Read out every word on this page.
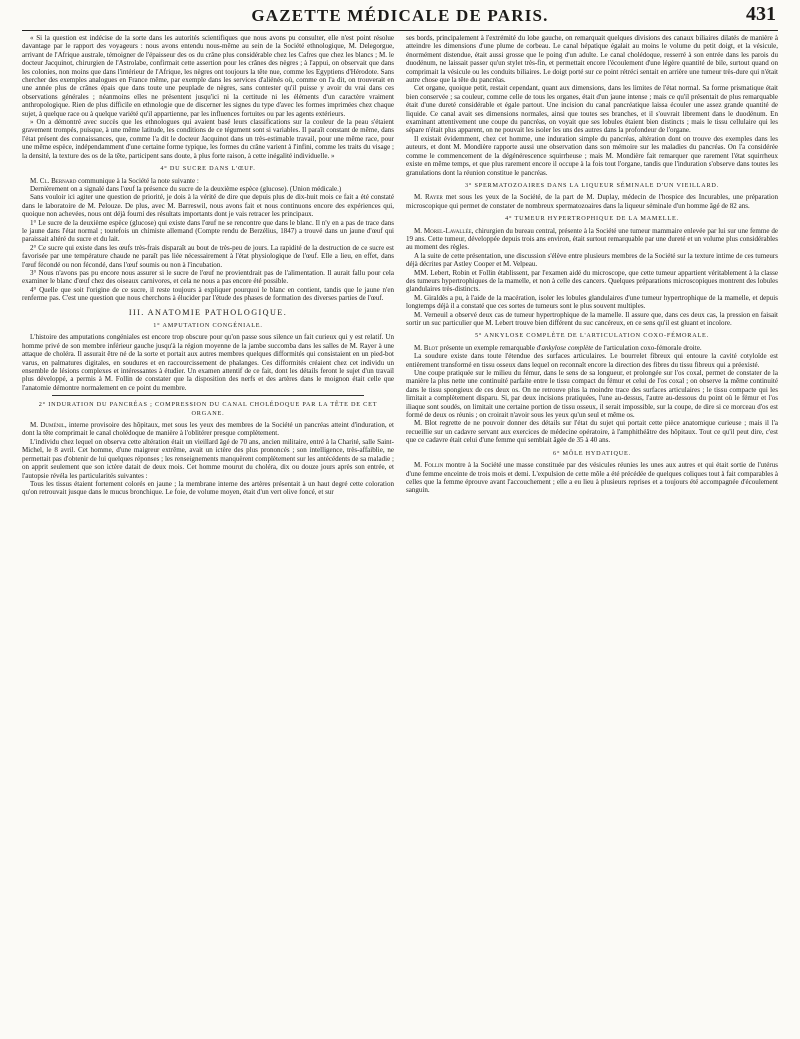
GAZETTE MÉDICALE DE PARIS.	431

« Si la question est indécise de la sorte dans les autorités scientifiques que nous avons pu consulter, elle n'est point résolue davantage par le rapport des voyageurs : nous avons entendu nous-même au sein de la Société ethnologique, M. Delegorgue, arrivant de l'Afrique australe, témoigner de l'épaisseur des os du crâne plus considérable chez les Cafres que chez les blancs ; M. le docteur Jacquinot, chirurgien de l'Astrolabe, confirmait cette assertion pour les crânes des nègres ; à l'appui, on observait que dans les colonies, non moins que dans l'intérieur de l'Afrique, les nègres ont toujours la tête nue, comme les Egyptiens d'Hérodote. Sans chercher des exemples analogues en France même, par exemple dans les services d'aliénés où, comme on l'a dit, on trouverait en une année plus de crânes épais que dans toute une peuplade de nègres, sans contester qu'il puisse y avoir du vrai dans ces observations générales ; néanmoins elles ne présentent jusqu'ici ni la certitude ni les éléments d'un caractère vraiment anthropologique. Rien de plus difficile en ethnologie que de discerner les signes du type d'avec les formes imprimées chez chaque sujet, à quelque race ou à quelque variété qu'il appartienne, par les influences fortuites ou par les agents extérieurs.

» On a démontré avec succès que les ethnologues qui avaient basé leurs classifications sur la couleur de la peau s'étaient gravement trompés, puisque, à une même latitude, les conditions de ce tégument sont si variables. Il paraît constant de même, dans l'état présent des connaissances, que, comme l'a dit le docteur Jacquinot dans un très-estimable travail, pour une même race, pour une même espèce, indépendamment d'une certaine forme typique, les formes du crâne varient à l'infini, comme les traits du visage ; la densité, la texture des os de la tête, participent sans doute, à plus forte raison, à cette inégalité individuelle. »

4° DU SUCRE DANS L'ŒUF.

M. Cl. Bernard communique à la Société la note suivante :

Dernièrement on a signalé dans l'œuf la présence du sucre de la deuxième espèce (glucose). (Union médicale.)

Sans vouloir ici agiter une question de priorité, je dois à la vérité de dire que depuis plus de dix-huit mois ce fait a été constaté dans le laboratoire de M. Pelouze. De plus, avec M. Barreswil, nous avons fait et nous continuons encore des expériences qui, quoique non achevées, nous ont déjà fourni des résultats importants dont je vais retracer les principaux.

1° Le sucre de la deuxième espèce (glucose) qui existe dans l'œuf ne se rencontre que dans le blanc. Il n'y en a pas de trace dans le jaune dans l'état normal ; toutefois un chimiste allemand (Compte rendu de Berzélius, 1847) a trouvé dans un jaune d'œuf qui paraissait altéré du sucre et du lait.

2° Ce sucre qui existe dans les œufs très-frais disparaît au bout de très-peu de jours. La rapidité de la destruction de ce sucre est favorisée par une température chaude ne paraît pas liée nécessairement à l'état physiologique de l'œuf. Elle a lieu, en effet, dans l'œuf fécondé ou non fécondé, dans l'œuf soumis ou non à l'incubation.

3° Nous n'avons pas pu encore nous assurer si le sucre de l'œuf ne provientdrait pas de l'alimentation. Il aurait fallu pour cela examiner le blanc d'œuf chez des oiseaux carnivores, et cela ne nous a pas encore été possible.

4° Quelle que soit l'origine de ce sucre, il reste toujours à expliquer pourquoi le blanc en contient, tandis que le jaune n'en renferme pas. C'est une question que nous cherchons à élucider par l'étude des phases de formation des diverses parties de l'œuf.

III. ANATOMIE PATHOLOGIQUE.
1° AMPUTATION CONGÉNIALE.

L'histoire des amputations congéniales est encore trop obscure pour qu'on passe sous silence un fait curieux qui y est relatif. Un homme privé de son membre inférieur gauche jusqu'à la région moyenne de la jambe succomba dans les salles de M. Rayer à une attaque de choléra. Il assurait être né de la sorte et portait aux autres membres quelques difformités qui consistaient en un pied-bot varus, en palmatures digitales, en soudures et en raccourcissement de phalanges. Ces difformités créaient chez cet individu un ensemble de lésions complexes et intéressantes à étudier. Un examen attentif de ce fait, dont les détails feront le sujet d'un travail plus développé, a permis à M. Follin de constater que la disposition des nerfs et des artères dans le moignon était celle que l'anatomie démontre normalement en ce point du membre.

2° INDURATION DU PANCRÉAS ; COMPRESSION DU CANAL CHOLÉDOQUE PAR LA TÊTE DE CET ORGANE.

M. Duménil, interne provisoire des hôpitaux, met sous les yeux des membres de la Société un pancréas atteint d'induration, et dont la tête comprimait le canal cholédoque de manière à l'oblitérer presque complètement.

L'individu chez lequel on observa cette altération était un vieillard âgé de 70 ans, ancien militaire, entré à la Charité, salle Saint-Michel, le 8 avril. Cet homme, d'une maigreur extrême, avait un ictère des plus prononcés ; son intelligence, très-affaiblie, ne permettait pas d'obtenir de lui quelques réponses ; les renseignements manquèrent complètement sur les antécédents de sa maladie ; on apprit seulement que son ictère datait de deux mois. Cet homme mourut du choléra, dix ou douze jours après son entrée, et l'autopsie révéla les particularités suivantes :

Tous les tissus étaient fortement colorés en jaune ; la membrane interne des artères présentait à un haut degré cette coloration qu'on retrouvait jusque dans le mucus bronchique. Le foie, de volume moyen, était d'un vert olive foncé, et sur

ses bords, principalement à l'extrémité du lobe gauche, on remarquait quelques divisions des canaux biliaires dilatés de manière à atteindre les dimensions d'une plume de corbeau. Le canal hépatique égalait au moins le volume du petit doigt, et la vésicule, énormément distendue, était aussi grosse que le poing d'un adulte. Le canal cholédoque, resserré à son entrée dans les parois du duodénum, ne laissait passer qu'un stylet très-fin, et permettait encore l'écoulement d'une légère quantité de bile, surtout quand on comprimait la vésicule ou les conduits biliaires. Le doigt porté sur ce point rétréci sentait en arrière une tumeur très-dure qui n'était autre chose que la tête du pancréas.

Cet organe, quoique petit, restait cependant, quant aux dimensions, dans les limites de l'état normal. Sa forme prismatique était bien conservée ; sa couleur, comme celle de tous les organes, était d'un jaune intense ; mais ce qu'il présentait de plus remarquable était d'une dureté considérable et égale partout. Une incision du canal pancréatique laissa écouler une assez grande quantité de liquide. Ce canal avait ses dimensions normales, ainsi que toutes ses branches, et il s'ouvrait librement dans le duodénum. En examinant attentivement une coupe du pancréas, on voyait que ses lobules étaient bien distincts ; mais le tissu cellulaire qui les sépare n'était plus apparent, on ne pouvait les isoler les uns des autres dans la profondeur de l'organe.

Il existait évidemment, chez cet homme, une induration simple du pancréas, altération dont on trouve des exemples dans les auteurs, et dont M. Mondière rapporte aussi une observation dans son mémoire sur les maladies du pancréas. On l'a considérée comme le commencement de la dégénérescence squirrheuse ; mais M. Mondière fait remarquer que rarement l'état squirrheux existe en même temps, et que plus rarement encore il occupe à la fois tout l'organe, tandis que l'induration s'observe dans toutes les granulations dont la réunion constitue le pancréas.

3° SPERMATOZOAIRES DANS LA LIQUEUR SÉMINALE D'UN VIEILLARD.

M. Rayer met sous les yeux de la Société, de la part de M. Duplay, médecin de l'hospice des Incurables, une préparation microscopique qui permet de constater de nombreux spermatozoaires dans la liqueur séminale d'un homme âgé de 82 ans.

4° TUMEUR HYPERTROPHIQUE DE LA MAMELLE.

M. Morel-Lavallée, chirurgien du bureau central, présente à la Société une tumeur mammaire enlevée par lui sur une femme de 19 ans. Cette tumeur, développée depuis trois ans environ, était surtout remarquable par une dureté et un volume plus considérables au moment des règles.

A la suite de cette présentation, une discussion s'élève entre plusieurs membres de la Société sur la texture intime de ces tumeurs déjà décrites par Astley Cooper et M. Velpeau.

MM. Lebert, Robin et Follin établissent, par l'examen aidé du microscope, que cette tumeur appartient véritablement à la classe des tumeurs hypertrophiques de la mamelle, et non à celle des cancers. Quelques préparations microscopiques montrent des lobules glandulaires très-distincts.

M. Giraldès a pu, à l'aide de la macération, isoler les lobules glandulaires d'une tumeur hypertrophique de la mamelle, et depuis longtemps déjà il a constaté que ces sortes de tumeurs sont le plus souvent multiples.

M. Verneuil a observé deux cas de tumeur hypertrophique de la mamelle. Il assure que, dans ces deux cas, la pression en faisait sortir un suc particulier que M. Lebert trouve bien différent du suc cancéreux, en ce sens qu'il est gluant et incolore.

5° ANKYLOSE COMPLÈTE DE L'ARTICULATION COXO-FÉMORALE.

M. Blot présente un exemple remarquable d'ankylose complète de l'articulation coxo-fémorale droite.

La soudure existe dans toute l'étendue des surfaces articulaires. Le bourrelet fibreux qui entoure la cavité cotyloïde est entièrement transformé en tissu osseux dans lequel on reconnaît encore la direction des fibres du tissu fibreux qui a préexisté.

Une coupe pratiquée sur le milieu du fémur, dans le sens de sa longueur, et prolongée sur l'os coxal, permet de constater de la manière la plus nette une continuité parfaite entre le tissu compact du fémur et celui de l'os coxal ; on observe la même continuité dans le tissu spongieux de ces deux os. On ne retrouve plus la moindre trace des surfaces articulaires ; le tissu compacte qui les limitait a complètement disparu. Si, par deux incisions pratiquées, l'une au-dessus, l'autre au-dessous du point où le fémur et l'os iliaque sont soudés, on limitait une certaine portion de tissu osseux, il serait impossible, sur la coupe, de dire si ce morceau d'os est formé de deux os réunis ; on croirait n'avoir sous les yeux qu'un seul et même os.

M. Blot regrette de ne pouvoir donner des détails sur l'état du sujet qui portait cette pièce anatomique curieuse ; mais il l'a recueillie sur un cadavre servant aux exercices de médecine opératoire, à l'amphithéâtre des hôpitaux. Tout ce qu'il peut dire, c'est que ce cadavre était celui d'une femme qui semblait âgée de 35 à 40 ans.

6° MÔLE HYDATIQUE.

M. Follin montre à la Société une masse constituée par des vésicules réunies les unes aux autres et qui était sortie de l'utérus d'une femme enceinte de trois mois et demi. L'expulsion de cette môle a été précédée de quelques coliques tout à fait comparables à celles que la femme éprouve avant l'accouchement ; elle a eu lieu à plusieurs reprises et a toujours été accompagnée d'écoulement sanguin.
